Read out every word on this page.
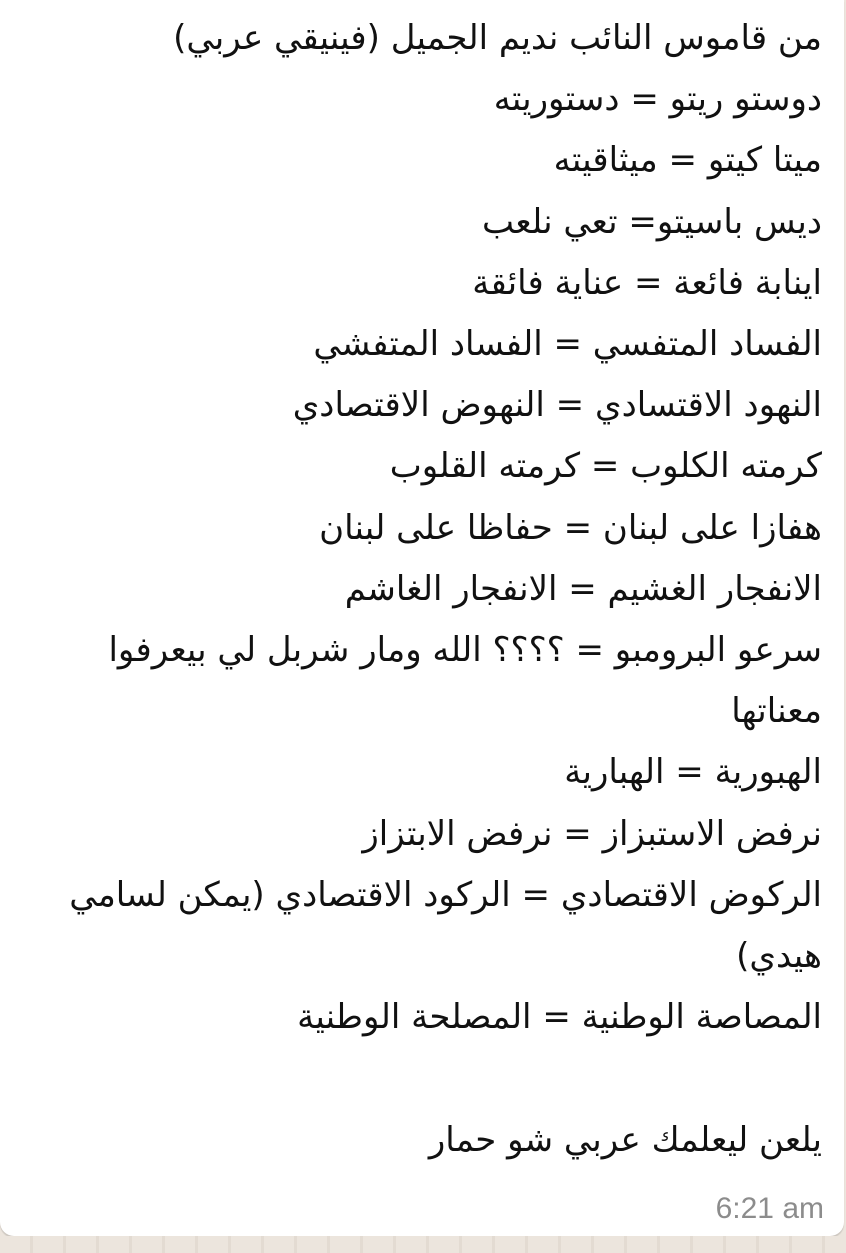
من قاموس النائب نديم الجميل (فينيقي عربي)
دوستو ريتو = دستوريته
ميتا كيتو = ميثاقيته
ديس باسيتو= تعي نلعب
اينابة فائعة = عناية فائقة
الفساد المتفسي = الفساد المتفشي
النهود الاقتسادي = النهوض الاقتصادي
كرمته الكلوب = كرمته القلوب
هفازا على لبنان = حفاظا على لبنان
الانفجار الغشيم = الانفجار الغاشم
سرعو البرومبو = ؟؟؟؟ الله ومار شربل لي بيعرفوا معناتها
الهبورية = الهبارية
نرفض الاستبزاز = نرفض الابتزاز
الركوض الاقتصادي = الركود الاقتصادي (يمكن لسامي هيدي)
المصاصة الوطنية = المصلحة الوطنية
يلعن ليعلمك عربي شو حمار
6:21 am
